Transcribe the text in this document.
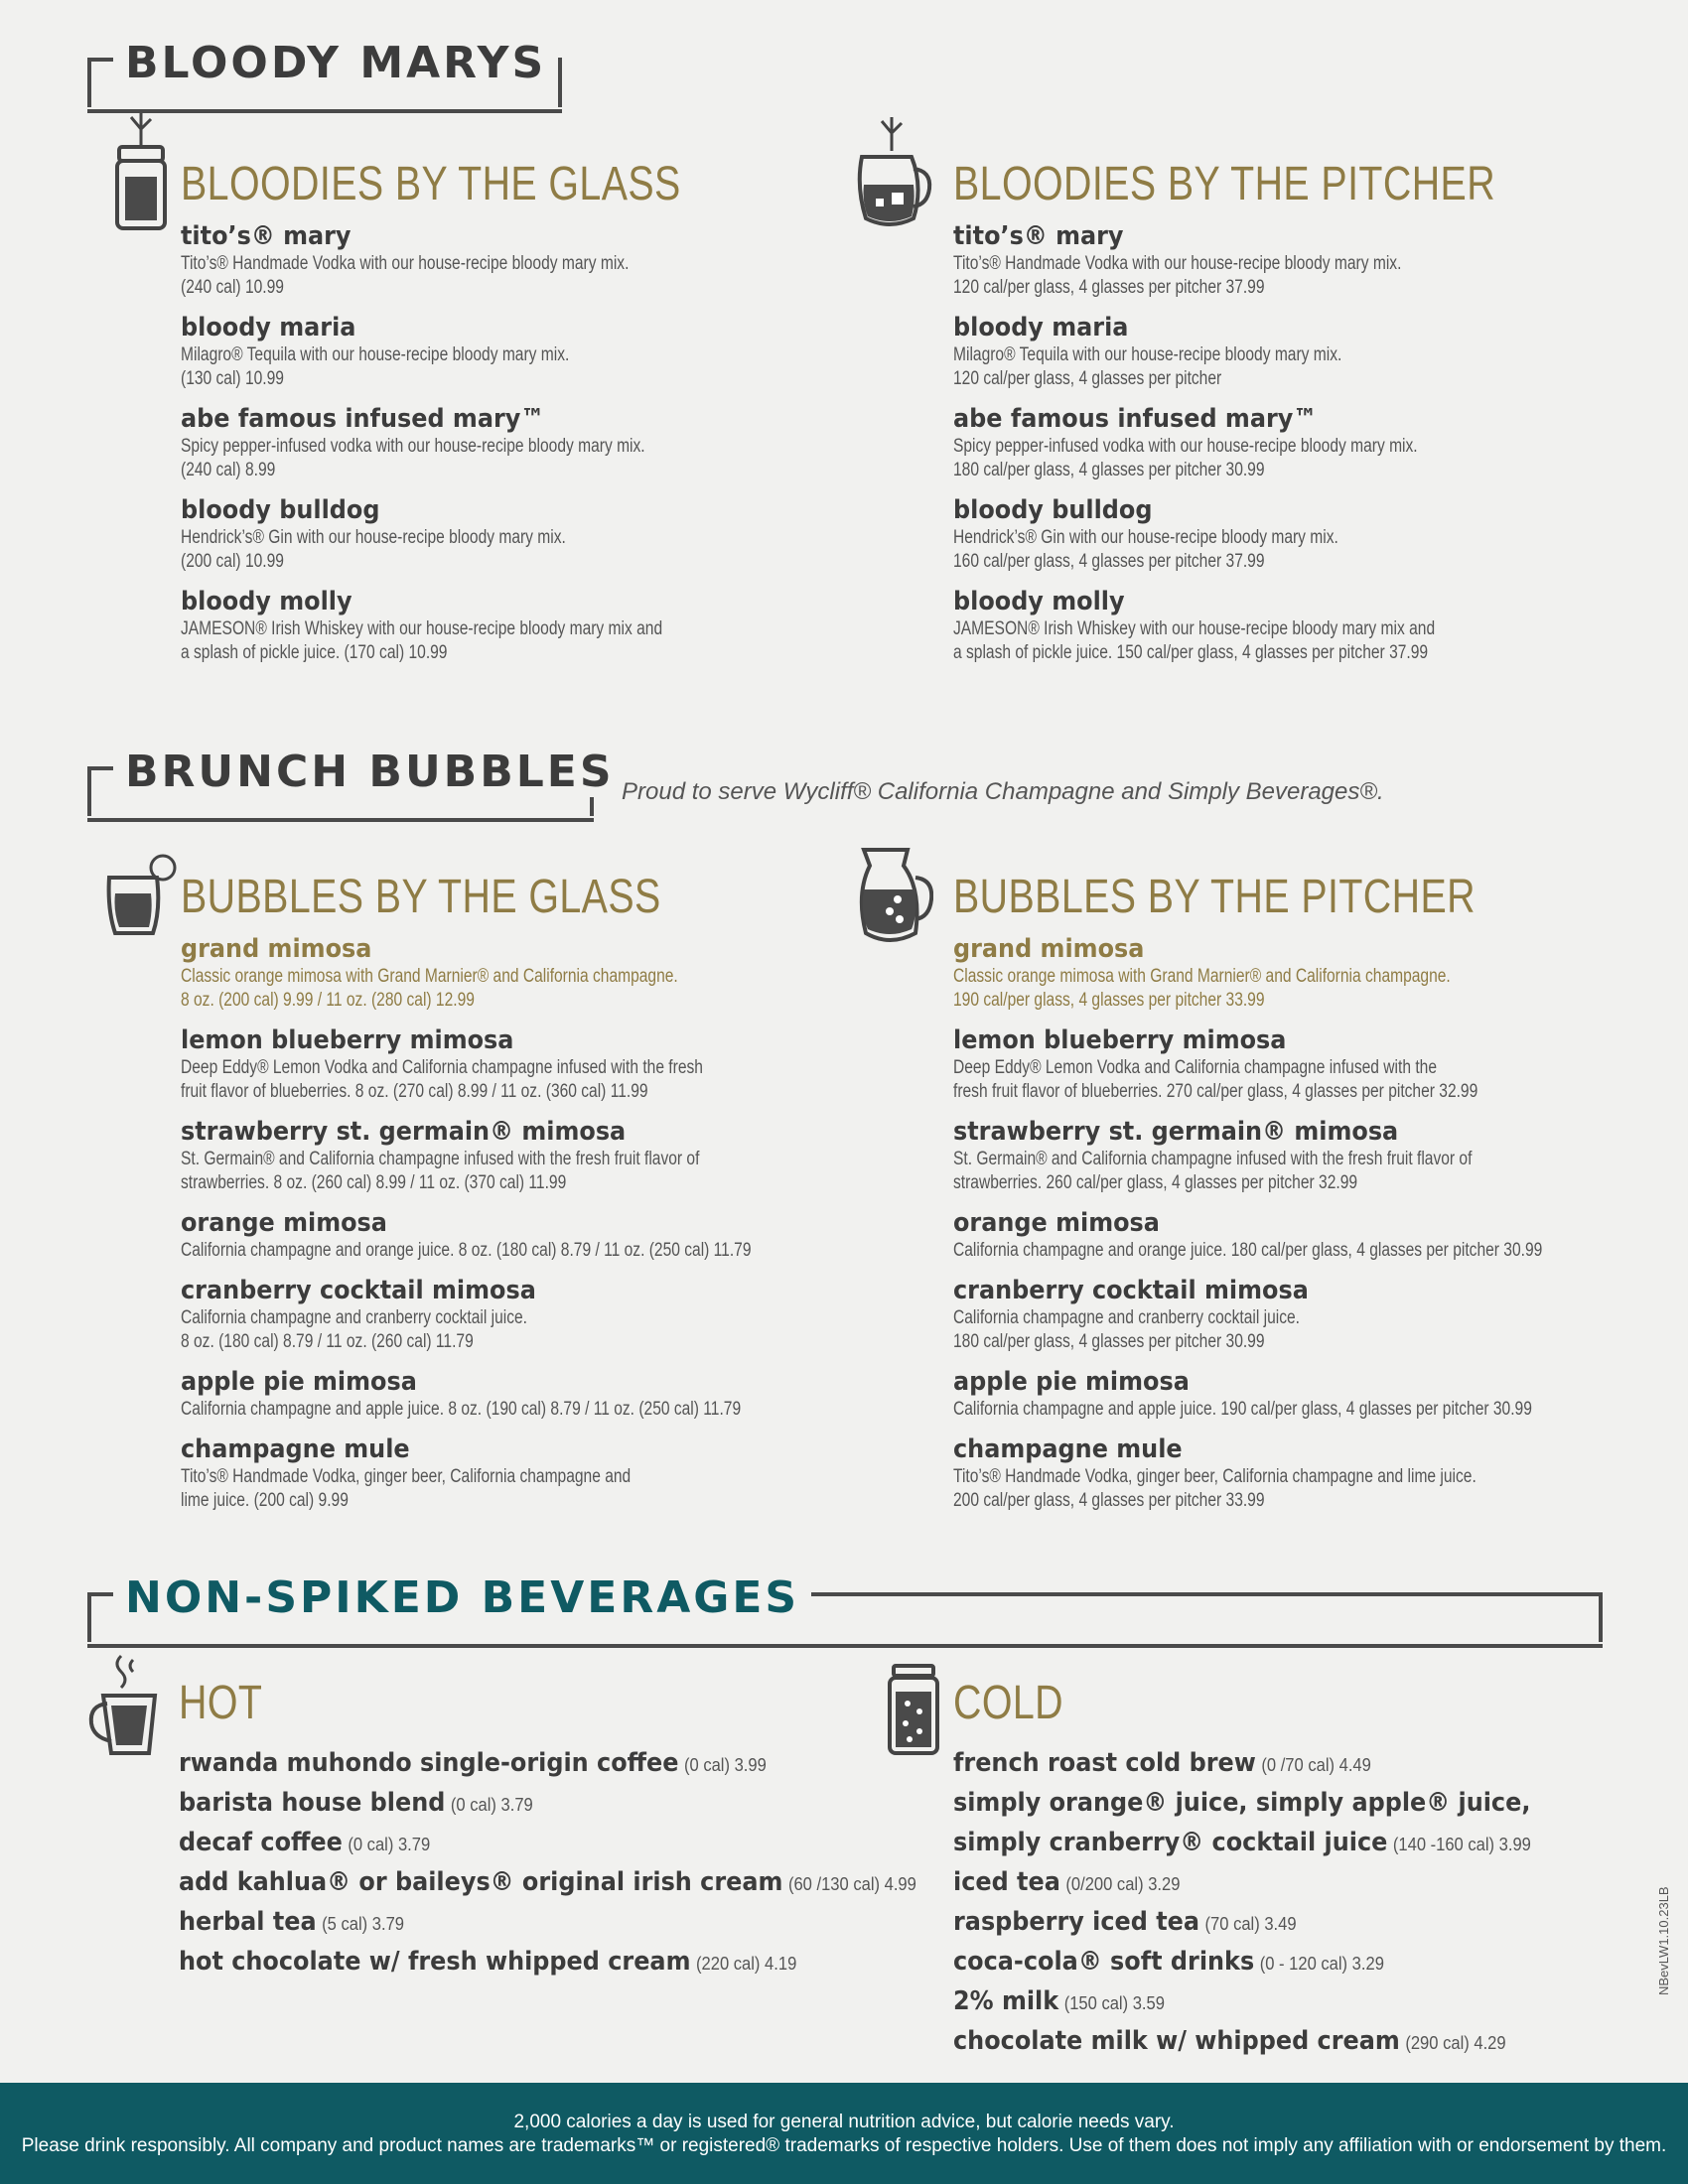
BLOODY MARYS
BLOODIES BY THE GLASS
tito’s® mary
Tito’s® Handmade Vodka with our house-recipe bloody mary mix.
(240 cal) 10.99
bloody maria
Milagro® Tequila with our house-recipe bloody mary mix.
(130 cal) 10.99
abe famous infused mary™
Spicy pepper-infused vodka with our house-recipe bloody mary mix.
(240 cal) 8.99
bloody bulldog
Hendrick’s® Gin with our house-recipe bloody mary mix.
(200 cal) 10.99
bloody molly
JAMESON® Irish Whiskey with our house-recipe bloody mary mix and
a splash of pickle juice. (170 cal) 10.99
BLOODIES BY THE PITCHER
tito’s® mary
Tito’s® Handmade Vodka with our house-recipe bloody mary mix.
120 cal/per glass, 4 glasses per pitcher 37.99
bloody maria
Milagro® Tequila with our house-recipe bloody mary mix.
120 cal/per glass, 4 glasses per pitcher
abe famous infused mary™
Spicy pepper-infused vodka with our house-recipe bloody mary mix.
180 cal/per glass, 4 glasses per pitcher 30.99
bloody bulldog
Hendrick’s® Gin with our house-recipe bloody mary mix.
160 cal/per glass, 4 glasses per pitcher 37.99
bloody molly
JAMESON® Irish Whiskey with our house-recipe bloody mary mix and
a splash of pickle juice. 150 cal/per glass, 4 glasses per pitcher 37.99
BRUNCH BUBBLES Proud to serve Wycliff® California Champagne and Simply Beverages®.
BUBBLES BY THE GLASS
grand mimosa
Classic orange mimosa with Grand Marnier® and California champagne.
8 oz. (200 cal) 9.99 / 11 oz. (280 cal) 12.99
lemon blueberry mimosa
Deep Eddy® Lemon Vodka and California champagne infused with the fresh
fruit flavor of blueberries. 8 oz. (270 cal) 8.99 / 11 oz. (360 cal) 11.99
strawberry st. germain® mimosa
St. Germain® and California champagne infused with the fresh fruit flavor of
strawberries. 8 oz. (260 cal) 8.99 / 11 oz. (370 cal) 11.99
orange mimosa
California champagne and orange juice. 8 oz. (180 cal) 8.79 / 11 oz. (250 cal) 11.79
cranberry cocktail mimosa
California champagne and cranberry cocktail juice.
8 oz. (180 cal) 8.79 / 11 oz. (260 cal) 11.79
apple pie mimosa
California champagne and apple juice. 8 oz. (190 cal) 8.79 / 11 oz. (250 cal) 11.79
champagne mule
Tito’s® Handmade Vodka, ginger beer, California champagne and
lime juice. (200 cal) 9.99
BUBBLES BY THE PITCHER
grand mimosa
Classic orange mimosa with Grand Marnier® and California champagne.
190 cal/per glass, 4 glasses per pitcher 33.99
lemon blueberry mimosa
Deep Eddy® Lemon Vodka and California champagne infused with the
fresh fruit flavor of blueberries. 270 cal/per glass, 4 glasses per pitcher 32.99
strawberry st. germain® mimosa
St. Germain® and California champagne infused with the fresh fruit flavor of
strawberries. 260 cal/per glass, 4 glasses per pitcher 32.99
orange mimosa
California champagne and orange juice. 180 cal/per glass, 4 glasses per pitcher 30.99
cranberry cocktail mimosa
California champagne and cranberry cocktail juice.
180 cal/per glass, 4 glasses per pitcher 30.99
apple pie mimosa
California champagne and apple juice. 190 cal/per glass, 4 glasses per pitcher 30.99
champagne mule
Tito’s® Handmade Vodka, ginger beer, California champagne and lime juice.
200 cal/per glass, 4 glasses per pitcher 33.99
NON-SPIKED BEVERAGES
HOT
rwanda muhondo single-origin coffee (0 cal) 3.99
barista house blend (0 cal) 3.79
decaf coffee (0 cal) 3.79
add kahlua® or baileys® original irish cream (60 /130 cal) 4.99
herbal tea (5 cal) 3.79
hot chocolate w/ fresh whipped cream (220 cal) 4.19
COLD
french roast cold brew (0 /70 cal) 4.49
simply orange® juice, simply apple® juice,
simply cranberry® cocktail juice (140 -160 cal) 3.99
iced tea (0/200 cal) 3.29
raspberry iced tea (70 cal) 3.49
coca-cola® soft drinks (0 - 120 cal) 3.29
2% milk (150 cal) 3.59
chocolate milk w/ whipped cream (290 cal) 4.29
NBevLW1.10.23LB
2,000 calories a day is used for general nutrition advice, but calorie needs vary.
Please drink responsibly. All company and product names are trademarks™ or registered® trademarks of respective holders. Use of them does not imply any affiliation with or endorsement by them.
